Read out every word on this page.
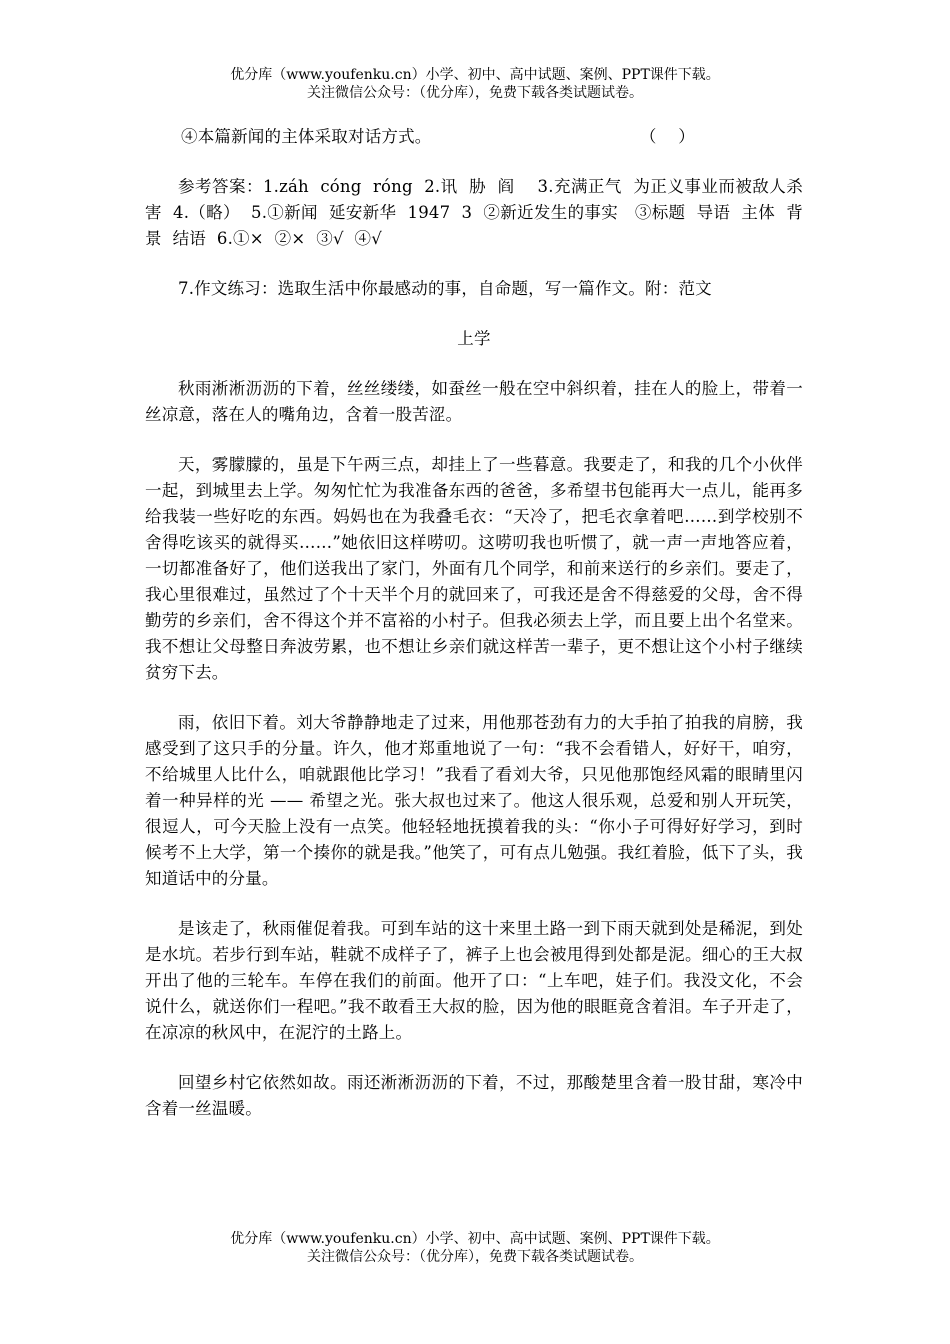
优分库（www.youfenku.cn）小学、初中、高中试题、案例、PPT课件下载。
关注微信公众号：（优分库），免费下载各类试题试卷。
④本篇新闻的主体采取对话方式。	（    ）

参考答案：1.záh  cóng  róng  2.讯  胁  阎    3.充满正气  为正义事业而被敌人杀害  4.（略）  5.①新闻  延安新华  1947  3  ②新近发生的事实   ③标题  导语  主体  背景  结语  6.①×  ②×  ③√  ④√

7.作文练习：选取生活中你最感动的事，自命题，写一篇作文。附：范文

上学

秋雨淅淅沥沥的下着，丝丝缕缕，如蚕丝一般在空中斜织着，挂在人的脸上，带着一丝凉意，落在人的嘴角边，含着一股苦涩。

天，雾朦朦的，虽是下午两三点，却挂上了一些暮意。我要走了，和我的几个小伙伴一起，到城里去上学。匆匆忙忙为我准备东西的爸爸，多希望书包能再大一点儿，能再多给我装一些好吃的东西。妈妈也在为我叠毛衣：“天冷了，把毛衣拿着吧……到学校别不舍得吃该买的就得买……”她依旧这样唠叨。这唠叨我也听惯了，就一声一声地答应着，一切都准备好了，他们送我出了家门，外面有几个同学，和前来送行的乡亲们。要走了，我心里很难过，虽然过了个十天半个月的就回来了，可我还是舍不得慈爱的父母，舍不得勤劳的乡亲们，舍不得这个并不富裕的小村子。但我必须去上学，而且要上出个名堂来。我不想让父母整日奔波劳累，也不想让乡亲们就这样苦一辈子，更不想让这个小村子继续贫穷下去。

雨，依旧下着。刘大爷静静地走了过来，用他那苍劲有力的大手拍了拍我的肩膀，我感受到了这只手的分量。许久，他才郑重地说了一句：“我不会看错人，好好干，咱穷，不给城里人比什么，咱就跟他比学习！”我看了看刘大爷，只见他那饱经风霜的眼睛里闪着一种异样的光 —— 希望之光。张大叔也过来了。他这人很乐观，总爱和别人开玩笑，很逗人，可今天脸上没有一点笑。他轻轻地抚摸着我的头：“你小子可得好好学习，到时候考不上大学，第一个揍你的就是我。”他笑了，可有点儿勉强。我红着脸，低下了头，我知道话中的分量。

是该走了，秋雨催促着我。可到车站的这十来里土路一到下雨天就到处是稀泥，到处是水坑。若步行到车站，鞋就不成样子了，裤子上也会被甩得到处都是泥。细心的王大叔开出了他的三轮车。车停在我们的前面。他开了口：“上车吧，娃子们。我没文化，不会说什么，就送你们一程吧。”我不敢看王大叔的脸，因为他的眼眶竟含着泪。车子开走了，在凉凉的秋风中，在泥泞的土路上。

回望乡村它依然如故。雨还淅淅沥沥的下着，不过，那酸楚里含着一股甘甜，寒冷中含着一丝温暖。

优分库（www.youfenku.cn）小学、初中、高中试题、案例、PPT课件下载。
关注微信公众号：（优分库），免费下载各类试题试卷。
